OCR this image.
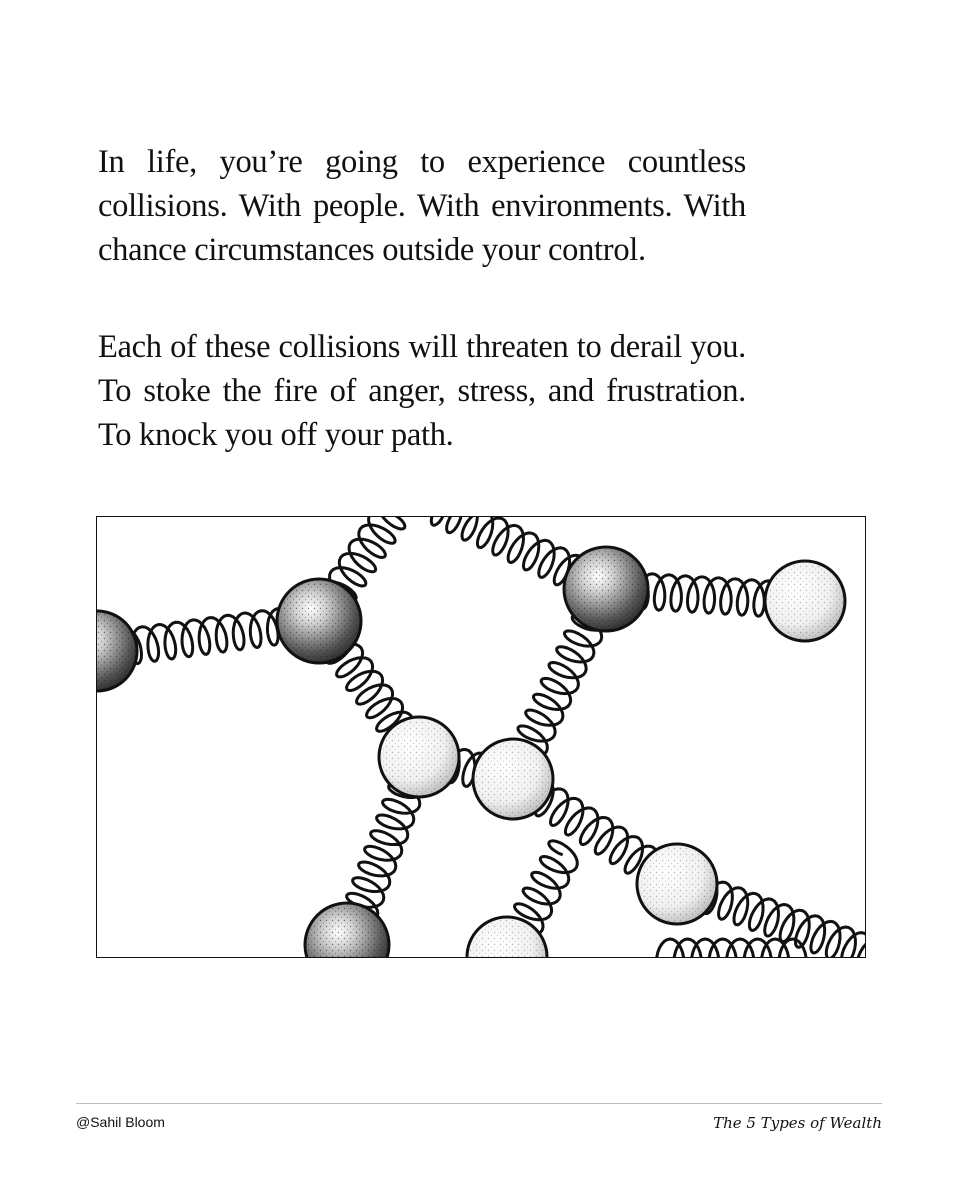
In life, you’re going to experience countless collisions. With people. With environments. With chance circumstances outside your control.
Each of these collisions will threaten to derail you. To stoke the fire of anger, stress, and frustration. To knock you off your path.
@Sahil Bloom	The 5 Types of Wealth
